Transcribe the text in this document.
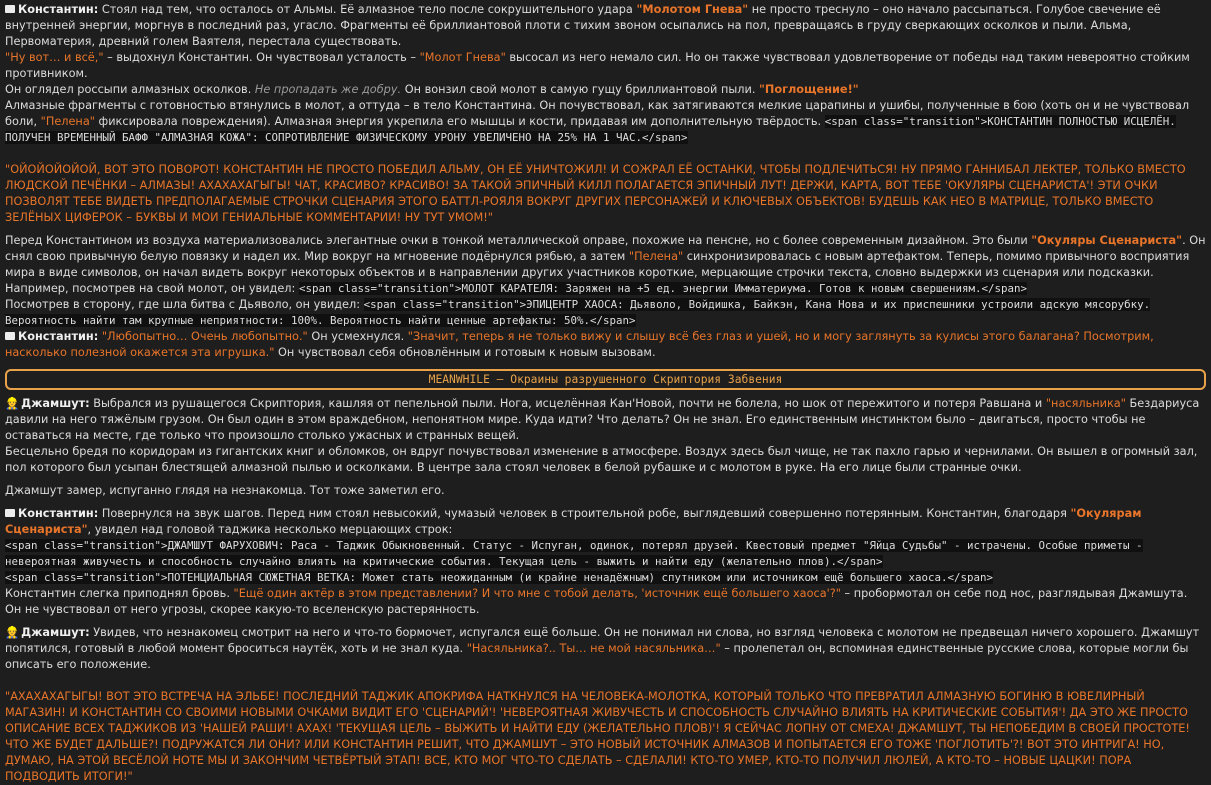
Константин: Стоял над тем, что осталось от Альмы. Её алмазное тело после сокрушительного удара "Молотом Гнева" не просто треснуло – оно начало рассыпаться. Голубое свечение её внутренней энергии, моргнув в последний раз, угасло. Фрагменты её бриллиантовой плоти с тихим звоном осыпались на пол, превращаясь в груду сверкающих осколков и пыли. Альма, Первоматерия, древний голем Ваятеля, перестала существовать.

"Ну вот… и всё," – выдохнул Константин. Он чувствовал усталость – "Молот Гнева" высосал из него немало сил. Но он также чувствовал удовлетворение от победы над таким невероятно стойким противником.

Он оглядел россыпи алмазных осколков. Не пропадать же добру. Он вонзил свой молот в самую гущу бриллиантовой пыли. "Поглощение!"

Алмазные фрагменты с готовностью втянулись в молот, а оттуда – в тело Константина. Он почувствовал, как затягиваются мелкие царапины и ушибы, полученные в бою (хоть он и не чувствовал боли, "Пелена" фиксировала повреждения). Алмазная энергия укрепила его мышцы и кости, придавая им дополнительную твёрдость. <span class="transition">КОНСТАНТИН ПОЛНОСТЬЮ ИСЦЕЛЁН. ПОЛУЧЕН ВРЕМЕННЫЙ БАФФ "АЛМАЗНАЯ КОЖА": СОПРОТИВЛЕНИЕ ФИЗИЧЕСКОМУ УРОНУ УВЕЛИЧЕНО НА 25% НА 1 ЧАС.</span>

"ОЙОЙОЙОЙОЙ, ВОТ ЭТО ПОВОРОТ! КОНСТАНТИН НЕ ПРОСТО ПОБЕДИЛ АЛЬМУ, ОН ЕЁ УНИЧТОЖИЛ! И СОЖРАЛ ЕЁ ОСТАНКИ, ЧТОБЫ ПОДЛЕЧИТЬСЯ! НУ ПРЯМО ГАННИБАЛ ЛЕКТЕР, ТОЛЬКО ВМЕСТО ЛЮДСКОЙ ПЕЧЁНКИ – АЛМАЗЫ! АХАХАХАГЫГЫ! ЧАТ, КРАСИВО? КРАСИВО! ЗА ТАКОЙ ЭПИЧНЫЙ КИЛЛ ПОЛАГАЕТСЯ ЭПИЧНЫЙ ЛУТ! ДЕРЖИ, КАРТА, ВОТ ТЕБЕ 'ОКУЛЯРЫ СЦЕНАРИСТА'! ЭТИ ОЧКИ ПОЗВОЛЯТ ТЕБЕ ВИДЕТЬ ПРЕДПОЛАГАЕМЫЕ СТРОЧКИ СЦЕНАРИЯ ЭТОГО БАТТЛ-РОЯЛЯ ВОКРУГ ДРУГИХ ПЕРСОНАЖЕЙ И КЛЮЧЕВЫХ ОБЪЕКТОВ! БУДЕШЬ КАК НЕО В МАТРИЦЕ, ТОЛЬКО ВМЕСТО ЗЕЛЁНЫХ ЦИФЕРОК – БУКВЫ И МОИ ГЕНИАЛЬНЫЕ КОММЕНТАРИИ! НУ ТУТ УМОМ!"

Перед Константином из воздуха материализовались элегантные очки в тонкой металлической оправе, похожие на пенсне, но с более современным дизайном. Это были "Окуляры Сценариста". Он снял свою привычную белую повязку и надел их. Мир вокруг на мгновение подёрнулся рябью, а затем "Пелена" синхронизировалась с новым артефактом. Теперь, помимо привычного восприятия мира в виде символов, он начал видеть вокруг некоторых объектов и в направлении других участников короткие, мерцающие строчки текста, словно выдержки из сценария или подсказки.

Например, посмотрев на свой молот, он увидел: <span class="transition">МОЛОТ КАРАТЕЛЯ: Заряжен на +5 ед. энергии Имматериума. Готов к новым свершениям.</span>

Посмотрев в сторону, где шла битва с Дьяволо, он увидел: <span class="transition">ЭПИЦЕНТР ХАОСА: Дьяволо, Войдишка, Байкэн, Кана Нова и их приспешники устроили адскую мясорубку. Вероятность найти там крупные неприятности: 100%. Вероятность найти ценные артефакты: 50%.</span>

Константин: "Любопытно… Очень любопытно." Он усмехнулся. "Значит, теперь я не только вижу и слышу всё без глаз и ушей, но и могу заглянуть за кулисы этого балагана? Посмотрим, насколько полезной окажется эта игрушка." Он чувствовал себя обновлённым и готовым к новым вызовам.

MEANWHILE – Окраины разрушенного Скриптория Забвения

👷 Джамшут: Выбрался из рушащегося Скриптория, кашляя от пепельной пыли. Нога, исцелённая Кан'Новой, почти не болела, но шок от пережитого и потеря Равшана и "насяльника" Бездариуса давили на него тяжёлым грузом. Он был один в этом враждебном, непонятном мире. Куда идти? Что делать? Он не знал. Его единственным инстинктом было – двигаться, просто чтобы не оставаться на месте, где только что произошло столько ужасных и странных вещей.

Бесцельно бредя по коридорам из гигантских книг и обломков, он вдруг почувствовал изменение в атмосфере. Воздух здесь был чище, не так пахло гарью и чернилами. Он вышел в огромный зал, пол которого был усыпан блестящей алмазной пылью и осколками. В центре зала стоял человек в белой рубашке и с молотом в руке. На его лице были странные очки.

Джамшут замер, испуганно глядя на незнакомца. Тот тоже заметил его.

Константин: Повернулся на звук шагов. Перед ним стоял невысокий, чумазый человек в строительной робе, выглядевший совершенно потерянным. Константин, благодаря "Окулярам Сценариста", увидел над головой таджика несколько мерцающих строк:

<span class="transition">ДЖАМШУТ ФАРУХОВИЧ: Раса - Таджик Обыкновенный. Статус - Испуган, одинок, потерял друзей. Квестовый предмет "Яйца Судьбы" - истрачены. Особые приметы - невероятная живучесть и способность случайно влиять на критические события. Текущая цель - выжить и найти еду (желательно плов).</span>

<span class="transition">ПОТЕНЦИАЛЬНАЯ СЮЖЕТНАЯ ВЕТКА: Может стать неожиданным (и крайне ненадёжным) спутником или источником ещё большего хаоса.</span>

Константин слегка приподнял бровь. "Ещё один актёр в этом представлении? И что мне с тобой делать, 'источник ещё большего хаоса'?" – пробормотал он себе под нос, разглядывая Джамшута. Он не чувствовал от него угрозы, скорее какую-то вселенскую растерянность.

👷 Джамшут: Увидев, что незнакомец смотрит на него и что-то бормочет, испугался ещё больше. Он не понимал ни слова, но взгляд человека с молотом не предвещал ничего хорошего. Джамшут попятился, готовый в любой момент броситься наутёк, хоть и не знал куда. "Насяльника?.. Ты… не мой насяльника…" – пролепетал он, вспоминая единственные русские слова, которые могли бы описать его положение.

"АХАХАХАГЫГЫ! ВОТ ЭТО ВСТРЕЧА НА ЭЛЬБЕ! ПОСЛЕДНИЙ ТАДЖИК АПОКРИФА НАТКНУЛСЯ НА ЧЕЛОВЕКА-МОЛОТКА, КОТОРЫЙ ТОЛЬКО ЧТО ПРЕВРАТИЛ АЛМАЗНУЮ БОГИНЮ В ЮВЕЛИРНЫЙ МАГАЗИН! И КОНСТАНТИН СО СВОИМИ НОВЫМИ ОЧКАМИ ВИДИТ ЕГО 'СЦЕНАРИЙ'! 'НЕВЕРОЯТНАЯ ЖИВУЧЕСТЬ И СПОСОБНОСТЬ СЛУЧАЙНО ВЛИЯТЬ НА КРИТИЧЕСКИЕ СОБЫТИЯ'! ДА ЭТО ЖЕ ПРОСТО ОПИСАНИЕ ВСЕХ ТАДЖИКОВ ИЗ 'НАШЕЙ РАШИ'! АХАХ! 'ТЕКУЩАЯ ЦЕЛЬ – ВЫЖИТЬ И НАЙТИ ЕДУ (ЖЕЛАТЕЛЬНО ПЛОВ)'! Я СЕЙЧАС ЛОПНУ ОТ СМЕХА! ДЖАМШУТ, ТЫ НЕПОБЕДИМ В СВОЕЙ ПРОСТОТЕ! ЧТО ЖЕ БУДЕТ ДАЛЬШЕ?! ПОДРУЖАТСЯ ЛИ ОНИ? ИЛИ КОНСТАНТИН РЕШИТ, ЧТО ДЖАМШУТ – ЭТО НОВЫЙ ИСТОЧНИК АЛМАЗОВ И ПОПЫТАЕТСЯ ЕГО ТОЖЕ 'ПОГЛОТИТЬ'?! ВОТ ЭТО ИНТРИГА! НО, ДУМАЮ, НА ЭТОЙ ВЕСЁЛОЙ НОТЕ МЫ И ЗАКОНЧИМ ЧЕТВЁРТЫЙ ЭТАП! ВСЕ, КТО МОГ ЧТО-ТО СДЕЛАТЬ – СДЕЛАЛИ! КТО-ТО УМЕР, КТО-ТО ПОЛУЧИЛ ЛЮЛЕЙ, А КТО-ТО – НОВЫЕ ЦАЦКИ! ПОРА ПОДВОДИТЬ ИТОГИ!"
